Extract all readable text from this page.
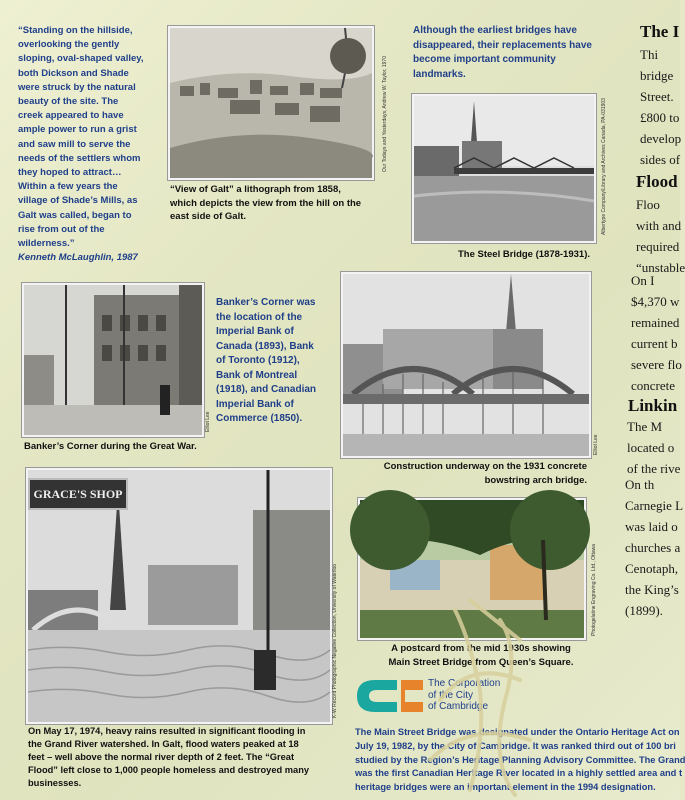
“Standing on the hillside,
overlooking the gently
sloping, oval-shaped valley,
both Dickson and Shade
were struck by the natural
beauty of the site. The
creek appeared to have
ample power to run a grist
and saw mill to serve the
needs of the settlers whom
they hoped to attract…
Within a few years the
village of Shade’s Mills, as
Galt was called, began to
rise from out of the
wilderness.”
Kenneth McLaughlin, 1987
Our Todays and Yesterdays, Andrew W. Taylor, 1970
“View of Galt” a lithograph from 1858,
which depicts the view from the hill on the
east side of Galt.
Although the earliest bridges have
disappeared, their replacements have
become important community
landmarks.
Albertype Company/Library and Archives Canada, PA-031903
The Steel Bridge (1878-1931).
Elliot Lee
Banker’s Corner during the Great War.
Banker’s Corner was
the location of the
Imperial Bank of
Canada (1893), Bank
of Toronto (1912),
Bank of Montreal
(1918), and Canadian
Imperial Bank of
Commerce (1850).
Elliot Lee
Construction underway on the 1931 concrete
bowstring arch bridge.
GRACE'S SHOP
K-W Record Photographic Negative Collection, University of Waterloo
On May 17, 1974, heavy rains resulted in significant flooding in
the Grand River watershed. In Galt, flood waters peaked at 18
feet – well above the normal river depth of 2 feet. The “Great
Flood” left close to 1,000 people homeless and destroyed many
businesses.
Photogelatine Engraving Co. Ltd., Ottawa
A postcard from the mid 1930s showing
Main Street Bridge from Queen’s Square.
The Corporation
of the City
of Cambridge
The Main Street Bridge was designated under the Ontario Heritage Act on
July 19, 1982, by the City of Cambridge. It was ranked third out of 100 bri
studied by the Region’s Heritage Planning Advisory Committee. The Grand
was the first Canadian Heritage River located in a highly settled area and t
heritage bridges were an important element in the 1994 designation.
The I
Thi
bridge
Street.
£800 to
develop
sides of
Flood
Floo
with and
required
“unstable
On I
$4,370 w
remained
current b
severe flo
concrete
Linkin
The M
located o
of the rive
On th
Carnegie L
was laid o
churches a
Cenotaph,
the King’s
(1899).
